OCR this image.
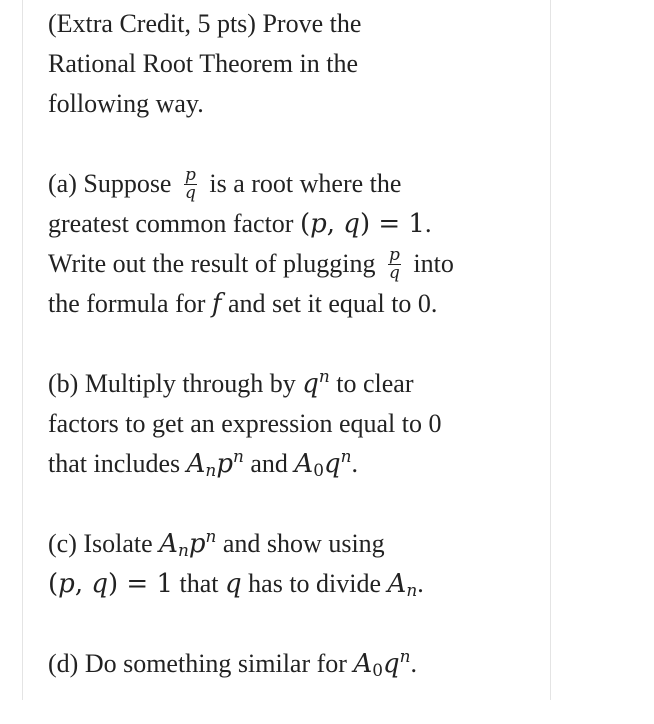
(Extra Credit, 5 pts) Prove the
Rational Root Theorem in the
following way.
(a) Suppose $\frac{p}{q}$ is a root where the
greatest common factor (p, q) = 1.
Write out the result of plugging $\frac{p}{q}$ into
the formula for f and set it equal to 0.
(b) Multiply through by $q^n$ to clear
factors to get an expression equal to 0
that includes $A_np^n$ and $A_0q^n$.
(c) Isolate $A_np^n$ and show using
(p, q) = 1 that q has to divide $A_n$.
(d) Do something similar for $A_0q^n$.
